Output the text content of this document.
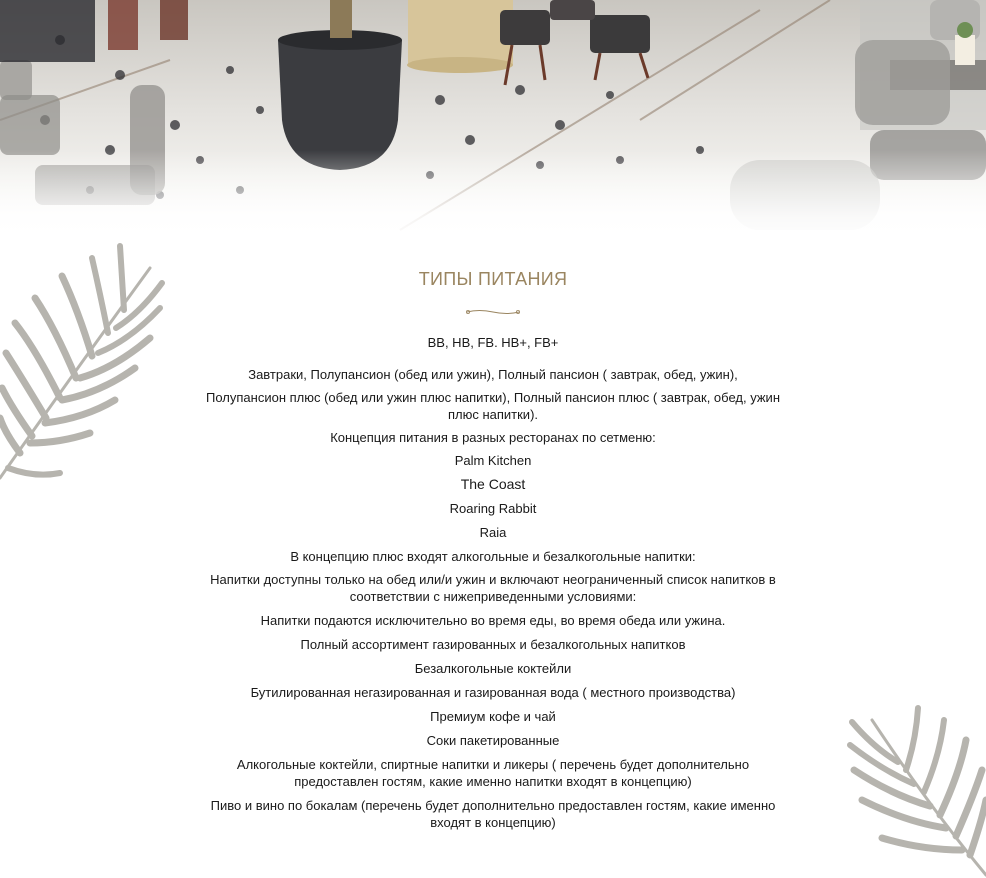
ТИПЫ ПИТАНИЯ

BB, HB, FB. HB+, FB+

Завтраки, Полупансион (обед или ужин), Полный пансион ( завтрак, обед, ужин),

Полупансион плюс (обед или ужин плюс напитки), Полный пансион плюс ( завтрак, обед, ужин плюс напитки).

Концепция питания в разных ресторанах по сетменю:

Palm Kitchen
The Coast
Roaring Rabbit
Raia

В концепцию плюс входят алкогольные и безалкогольные напитки:

Напитки доступны только на обед или/и ужин и включают неограниченный список напитков в соответствии с нижеприведенными условиями:
Напитки подаются исключительно во время еды, во время обеда или ужина.
Полный ассортимент газированных и безалкогольных напитков
Безалкогольные коктейли
Бутилированная негазированная и газированная вода ( местного производства)
Премиум кофе и чай
Соки пакетированные
Алкогольные коктейли, спиртные напитки и ликеры ( перечень будет дополнительно предоставлен гостям, какие именно напитки входят в концепцию)
Пиво и вино по бокалам (перечень будет дополнительно предоставлен гостям, какие именно входят в концепцию)
